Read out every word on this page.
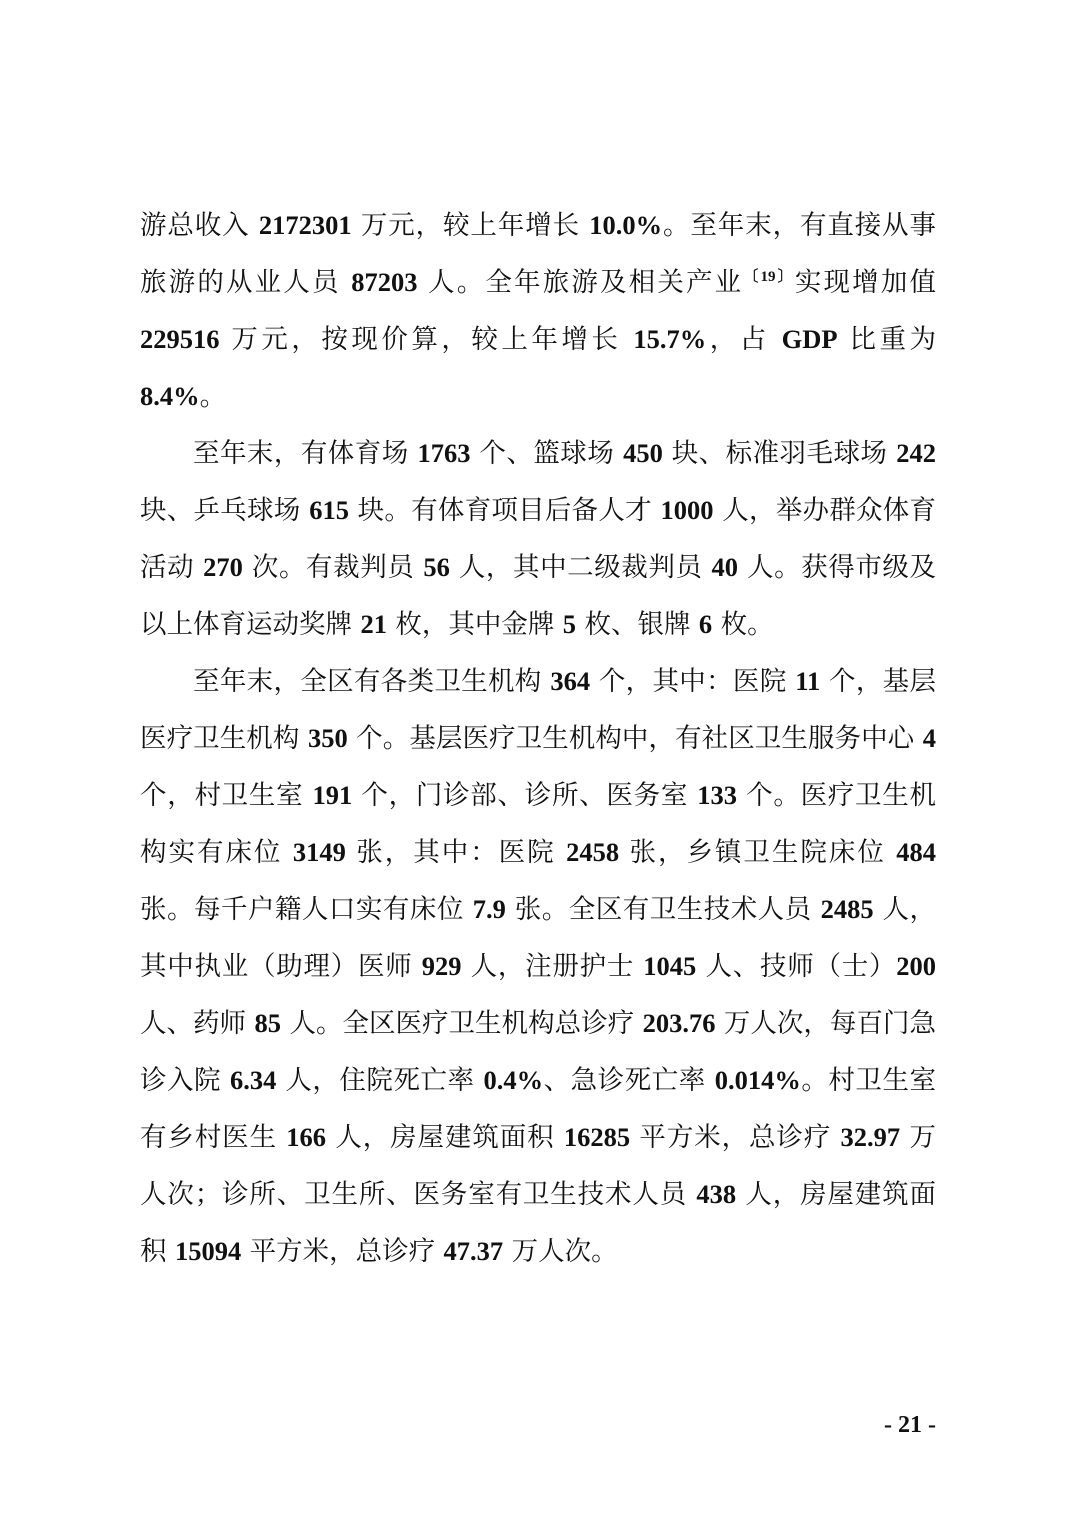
游总收入 2172301 万元，较上年增长 10.0%。至年末，有直接从事旅游的从业人员 87203 人。全年旅游及相关产业$^{〔19〕}$实现增加值 229516 万元，按现价算，较上年增长 15.7%，占 GDP 比重为 8.4%。

至年末，有体育场 1763 个、篮球场 450 块、标准羽毛球场 242 块、乒乓球场 615 块。有体育项目后备人才 1000 人，举办群众体育活动 270 次。有裁判员 56 人，其中二级裁判员 40 人。获得市级及以上体育运动奖牌 21 枚，其中金牌 5 枚、银牌 6 枚。

至年末，全区有各类卫生机构 364 个，其中：医院 11 个，基层医疗卫生机构 350 个。基层医疗卫生机构中，有社区卫生服务中心 4 个，村卫生室 191 个，门诊部、诊所、医务室 133 个。医疗卫生机构实有床位 3149 张，其中：医院 2458 张，乡镇卫生院床位 484 张。每千户籍人口实有床位 7.9 张。全区有卫生技术人员 2485 人，其中执业（助理）医师 929 人，注册护士 1045 人、技师（士）200 人、药师 85 人。全区医疗卫生机构总诊疗 203.76 万人次，每百门急诊入院 6.34 人，住院死亡率 0.4%、急诊死亡率 0.014%。村卫生室有乡村医生 166 人，房屋建筑面积 16285 平方米，总诊疗 32.97 万人次；诊所、卫生所、医务室有卫生技术人员 438 人，房屋建筑面积 15094 平方米，总诊疗 47.37 万人次。

- 21 -
